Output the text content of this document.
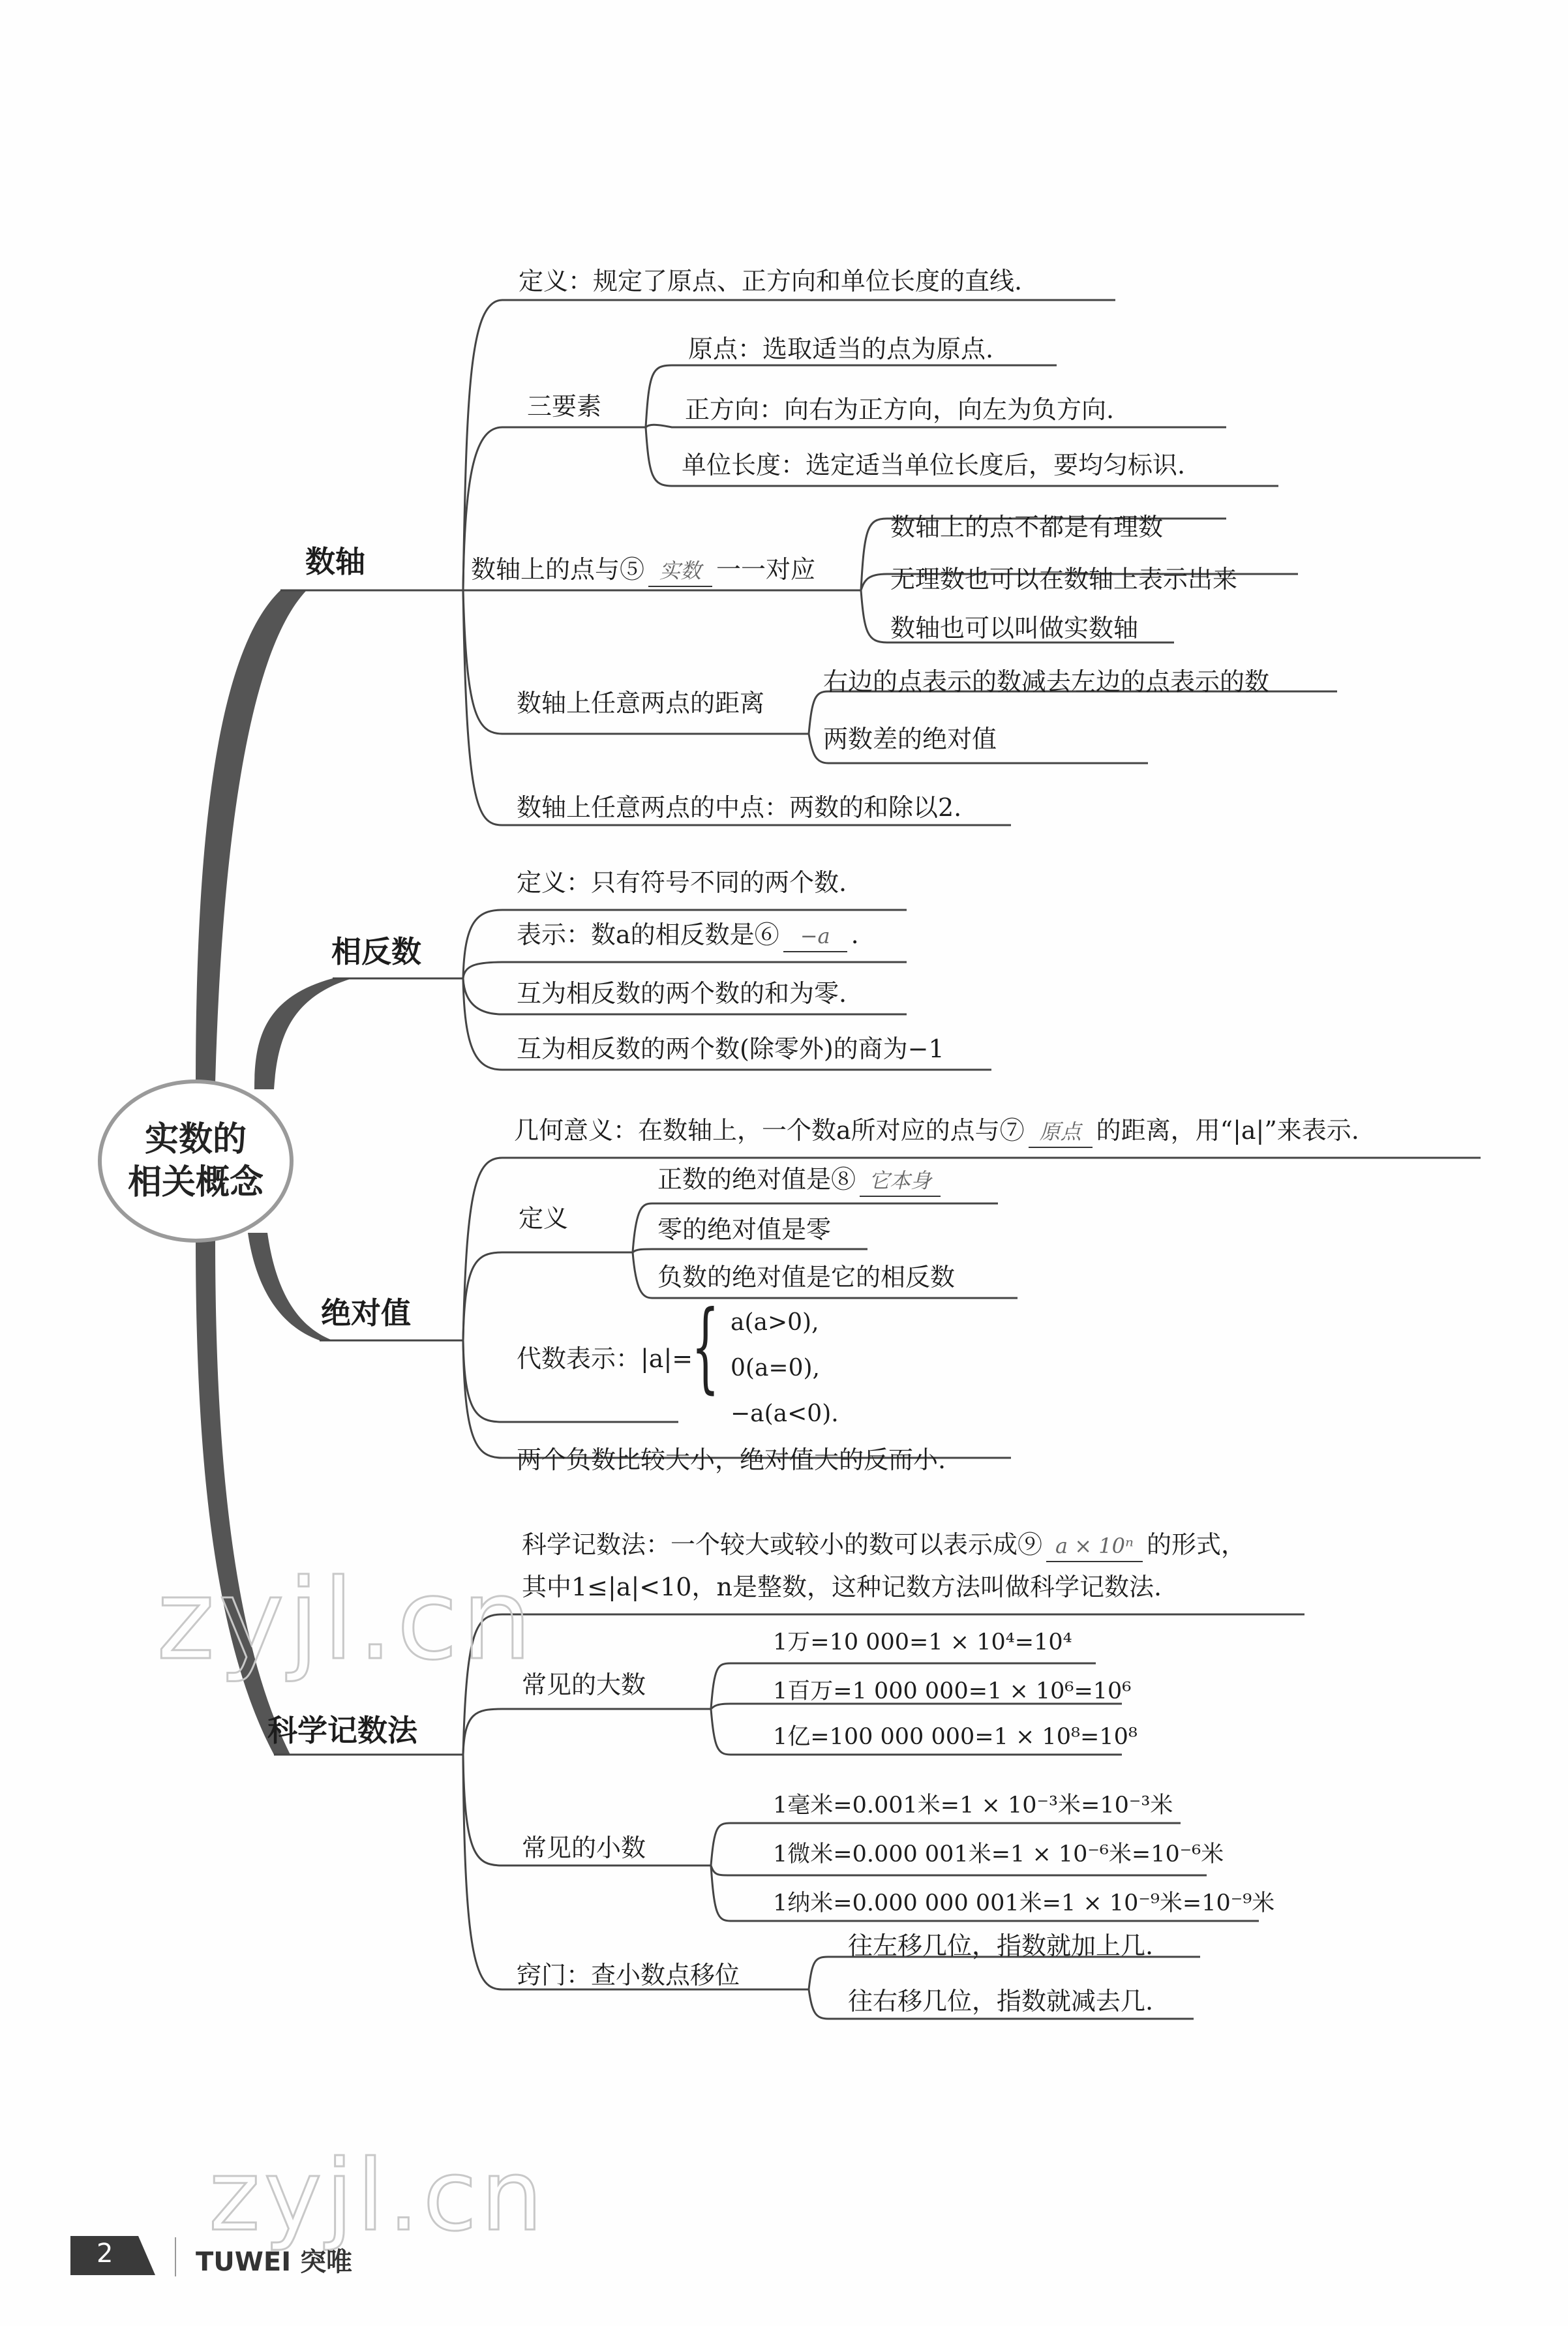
zyjl.cn
zyjl.cn
实数的
相关概念
数轴
相反数
绝对值
科学记数法
定义：规定了原点、正方向和单位长度的直线.
三要素
原点：选取适当的点为原点.
正方向：向右为正方向，向左为负方向.
单位长度：选定适当单位长度后，要均匀标识.
数轴上的点与⑤ 实数 一一对应
数轴上的点不都是有理数
无理数也可以在数轴上表示出来
数轴也可以叫做实数轴
数轴上任意两点的距离
右边的点表示的数减去左边的点表示的数
两数差的绝对值
数轴上任意两点的中点：两数的和除以2.
定义：只有符号不同的两个数.
表示：数a的相反数是⑥ −a .
互为相反数的两个数的和为零.
互为相反数的两个数(除零外)的商为−1
几何意义：在数轴上，一个数a所对应的点与⑦ 原点 的距离，用“|a|”来表示.
定义
正数的绝对值是⑧ 它本身
零的绝对值是零
负数的绝对值是它的相反数
代数表示：|a|=
{ a(a>0),
0(a=0),
−a(a<0).
两个负数比较大小，绝对值大的反而小.
科学记数法：一个较大或较小的数可以表示成⑨ a × 10ⁿ 的形式，
其中1≤|a|<10，n是整数，这种记数方法叫做科学记数法.
常见的大数
1万=10 000=1 × 10⁴=10⁴
1百万=1 000 000=1 × 10⁶=10⁶
1亿=100 000 000=1 × 10⁸=10⁸
常见的小数
1毫米=0.001米=1 × 10⁻³米=10⁻³米
1微米=0.000 001米=1 × 10⁻⁶米=10⁻⁶米
1纳米=0.000 000 001米=1 × 10⁻⁹米=10⁻⁹米
窍门：查小数点移位
往左移几位，指数就加上几.
往右移几位，指数就减去几.
2	TUWEI 突唯
